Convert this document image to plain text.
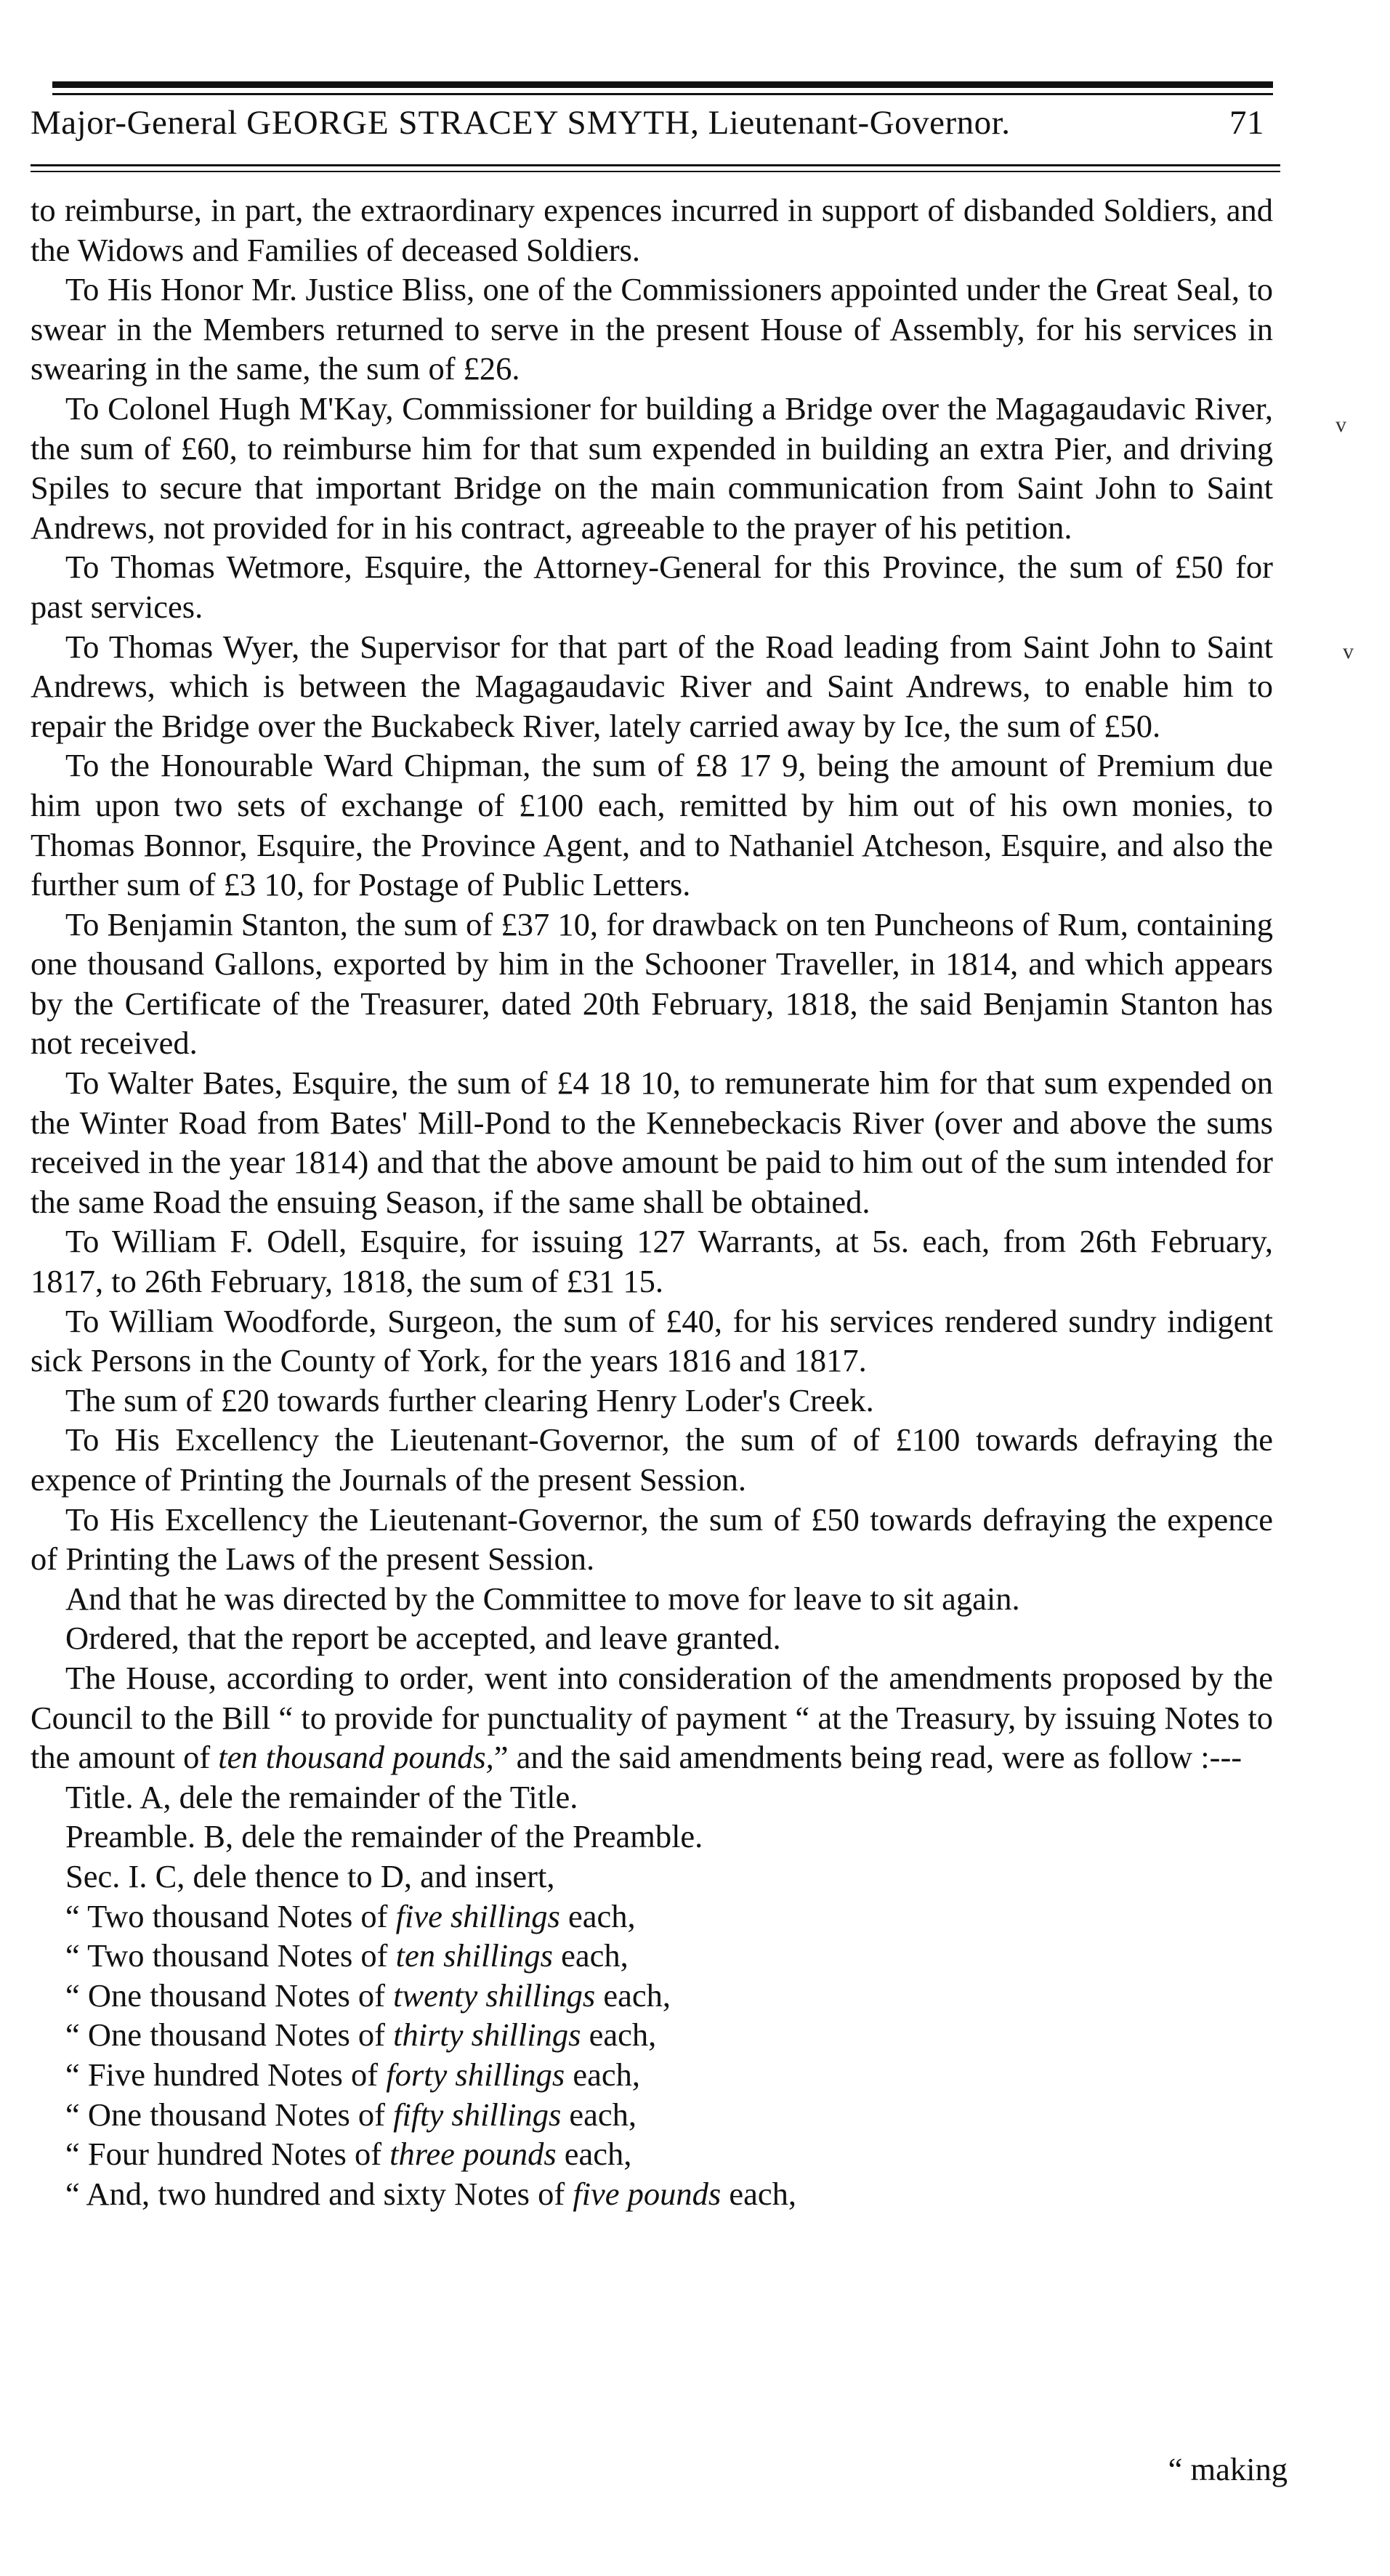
Major-General GEORGE STRACEY SMYTH, Lieutenant-Governor.	71

to reimburse, in part, the extraordinary expences incurred in support of disbanded Soldiers, and the Widows and Families of deceased Soldiers.

To His Honor Mr. Justice Bliss, one of the Commissioners appointed under the Great Seal, to swear in the Members returned to serve in the present House of Assembly, for his services in swearing in the same, the sum of £26.

To Colonel Hugh M'Kay, Commissioner for building a Bridge over the Magagaudavic River, the sum of £60, to reimburse him for that sum expended in building an extra Pier, and driving Spiles to secure that important Bridge on the main communication from Saint John to Saint Andrews, not provided for in his contract, agreeable to the prayer of his petition.

To Thomas Wetmore, Esquire, the Attorney-General for this Province, the sum of £50 for past services.

To Thomas Wyer, the Supervisor for that part of the Road leading from Saint John to Saint Andrews, which is between the Magagaudavic River and Saint Andrews, to enable him to repair the Bridge over the Buckabeck River, lately carried away by Ice, the sum of £50.

To the Honourable Ward Chipman, the sum of £8 17 9, being the amount of Premium due him upon two sets of exchange of £100 each, remitted by him out of his own monies, to Thomas Bonnor, Esquire, the Province Agent, and to Nathaniel Atcheson, Esquire, and also the further sum of £3 10, for Postage of Public Letters.

To Benjamin Stanton, the sum of £37 10, for drawback on ten Puncheons of Rum, containing one thousand Gallons, exported by him in the Schooner Traveller, in 1814, and which appears by the Certificate of the Treasurer, dated 20th February, 1818, the said Benjamin Stanton has not received.

To Walter Bates, Esquire, the sum of £4 18 10, to remunerate him for that sum expended on the Winter Road from Bates' Mill-Pond to the Kennebeckacis River (over and above the sums received in the year 1814) and that the above amount be paid to him out of the sum intended for the same Road the ensuing Season, if the same shall be obtained.

To William F. Odell, Esquire, for issuing 127 Warrants, at 5s. each, from 26th February, 1817, to 26th February, 1818, the sum of £31 15.

To William Woodforde, Surgeon, the sum of £40, for his services rendered sundry indigent sick Persons in the County of York, for the years 1816 and 1817.

The sum of £20 towards further clearing Henry Loder's Creek.

To His Excellency the Lieutenant-Governor, the sum of of £100 towards defraying the expence of Printing the Journals of the present Session.

To His Excellency the Lieutenant-Governor, the sum of £50 towards defraying the expence of Printing the Laws of the present Session.

And that he was directed by the Committee to move for leave to sit again.

Ordered, that the report be accepted, and leave granted.

The House, according to order, went into consideration of the amendments proposed by the Council to the Bill “ to provide for punctuality of payment “ at the Treasury, by issuing Notes to the amount of ten thousand pounds,” and the said amendments being read, were as follow :---

Title. A, dele the remainder of the Title.
Preamble. B, dele the remainder of the Preamble.
Sec. I. C, dele thence to D, and insert,
“ Two thousand Notes of five shillings each,
“ Two thousand Notes of ten shillings each,
“ One thousand Notes of twenty shillings each,
“ One thousand Notes of thirty shillings each,
“ Five hundred Notes of forty shillings each,
“ One thousand Notes of fifty shillings each,
“ Four hundred Notes of three pounds each,
“ And, two hundred and sixty Notes of five pounds each,
“ making
v
v
